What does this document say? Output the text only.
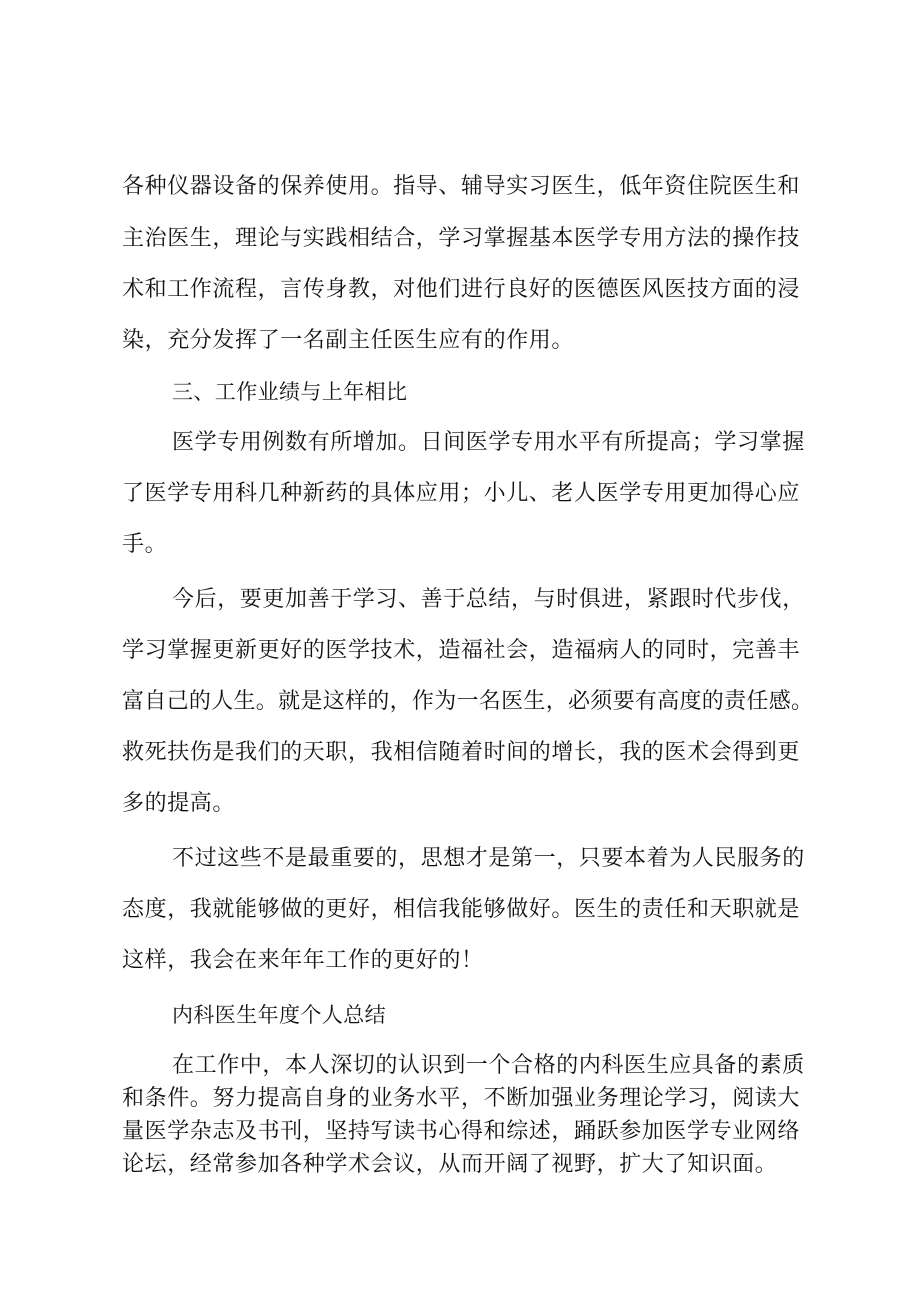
各种仪器设备的保养使用。指导、辅导实习医生，低年资住院医生和
主治医生，理论与实践相结合，学习掌握基本医学专用方法的操作技
术和工作流程，言传身教，对他们进行良好的医德医风医技方面的浸
染，充分发挥了一名副主任医生应有的作用。
三、工作业绩与上年相比
医学专用例数有所增加。日间医学专用水平有所提高；学习掌握
了医学专用科几种新药的具体应用；小儿、老人医学专用更加得心应
手。
今后，要更加善于学习、善于总结，与时俱进，紧跟时代步伐，
学习掌握更新更好的医学技术，造福社会，造福病人的同时，完善丰
富自己的人生。就是这样的，作为一名医生，必须要有高度的责任感。
救死扶伤是我们的天职，我相信随着时间的增长，我的医术会得到更
多的提高。
不过这些不是最重要的，思想才是第一，只要本着为人民服务的
态度，我就能够做的更好，相信我能够做好。医生的责任和天职就是
这样，我会在来年年工作的更好的！
内科医生年度个人总结
在工作中，本人深切的认识到一个合格的内科医生应具备的素质
和条件。努力提高自身的业务水平，不断加强业务理论学习，阅读大
量医学杂志及书刊，坚持写读书心得和综述，踊跃参加医学专业网络
论坛，经常参加各种学术会议，从而开阔了视野，扩大了知识面。
